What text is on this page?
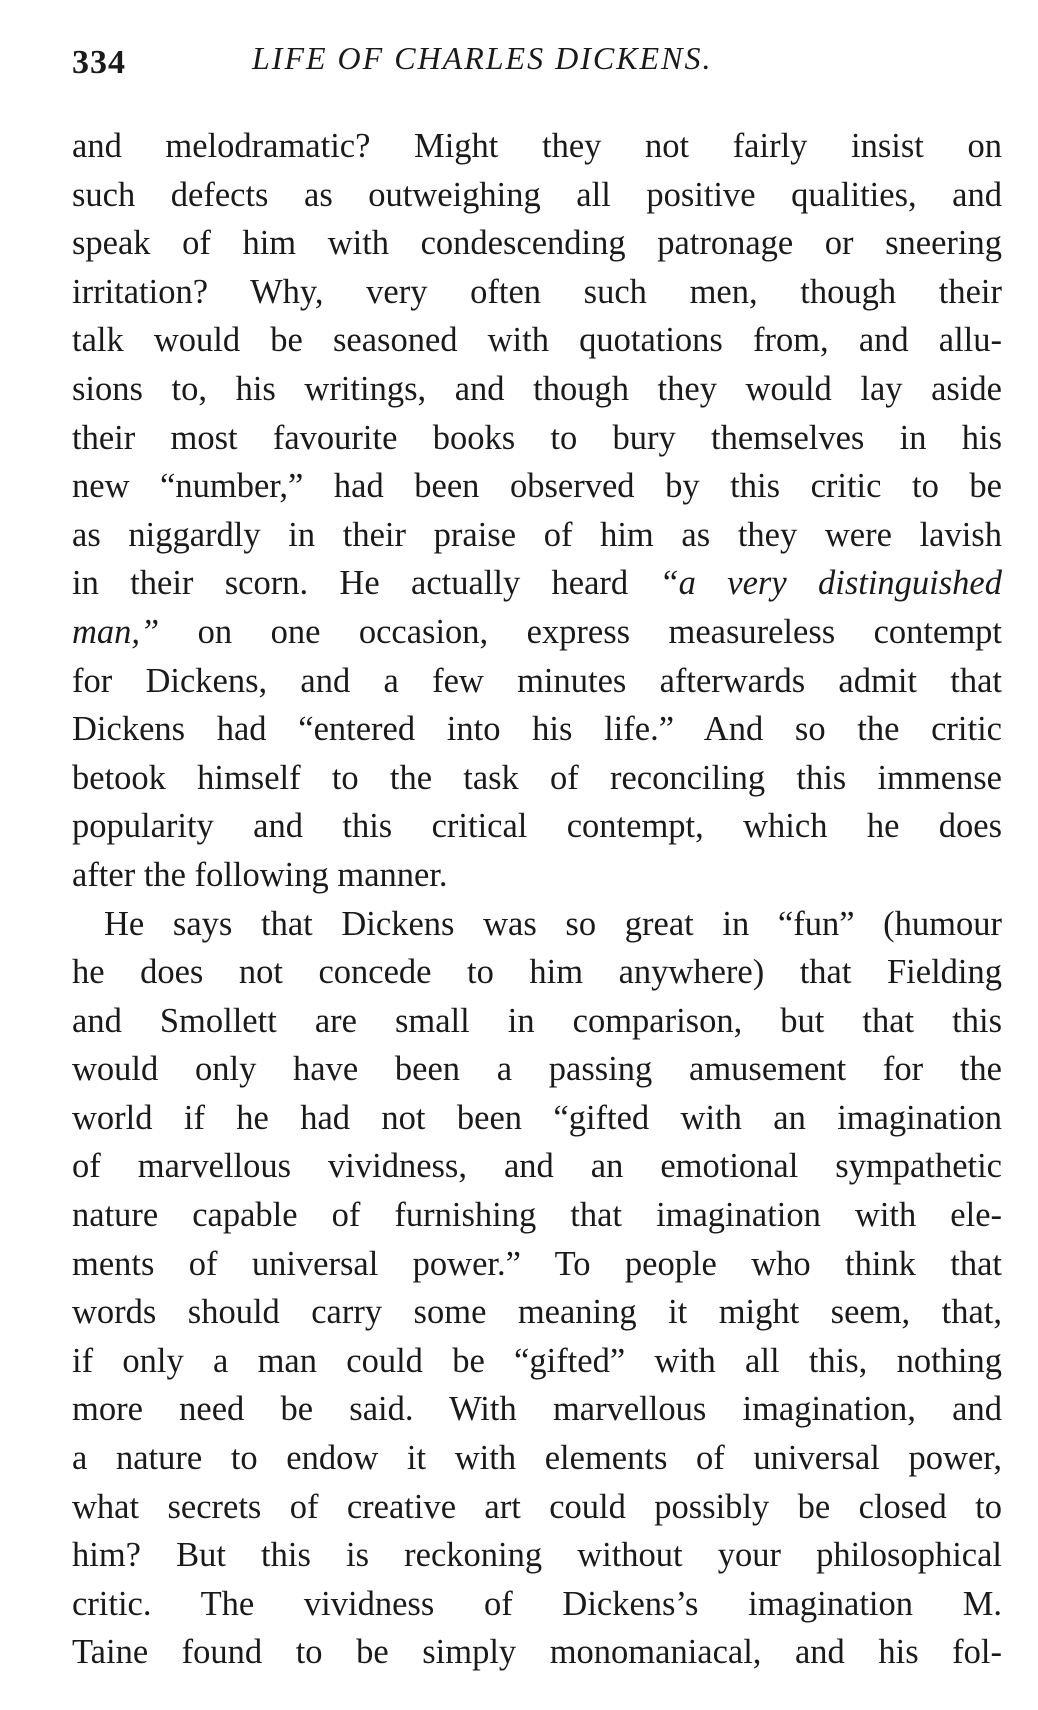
334	LIFE OF CHARLES DICKENS.
and melodramatic? Might they not fairly insist on
such defects as outweighing all positive qualities, and
speak of him with condescending patronage or sneering
irritation? Why, very often such men, though their
talk would be seasoned with quotations from, and allu-
sions to, his writings, and though they would lay aside
their most favourite books to bury themselves in his
new “number,” had been observed by this critic to be
as niggardly in their praise of him as they were lavish
in their scorn. He actually heard “a very distinguished
man,” on one occasion, express measureless contempt
for Dickens, and a few minutes afterwards admit that
Dickens had “entered into his life.” And so the critic
betook himself to the task of reconciling this immense
popularity and this critical contempt, which he does
after the following manner.
He says that Dickens was so great in “fun” (humour
he does not concede to him anywhere) that Fielding
and Smollett are small in comparison, but that this
would only have been a passing amusement for the
world if he had not been “gifted with an imagination
of marvellous vividness, and an emotional sympathetic
nature capable of furnishing that imagination with ele-
ments of universal power.” To people who think that
words should carry some meaning it might seem, that,
if only a man could be “gifted” with all this, nothing
more need be said. With marvellous imagination, and
a nature to endow it with elements of universal power,
what secrets of creative art could possibly be closed to
him? But this is reckoning without your philosophical
critic. The vividness of Dickens’s imagination M.
Taine found to be simply monomaniacal, and his fol-
